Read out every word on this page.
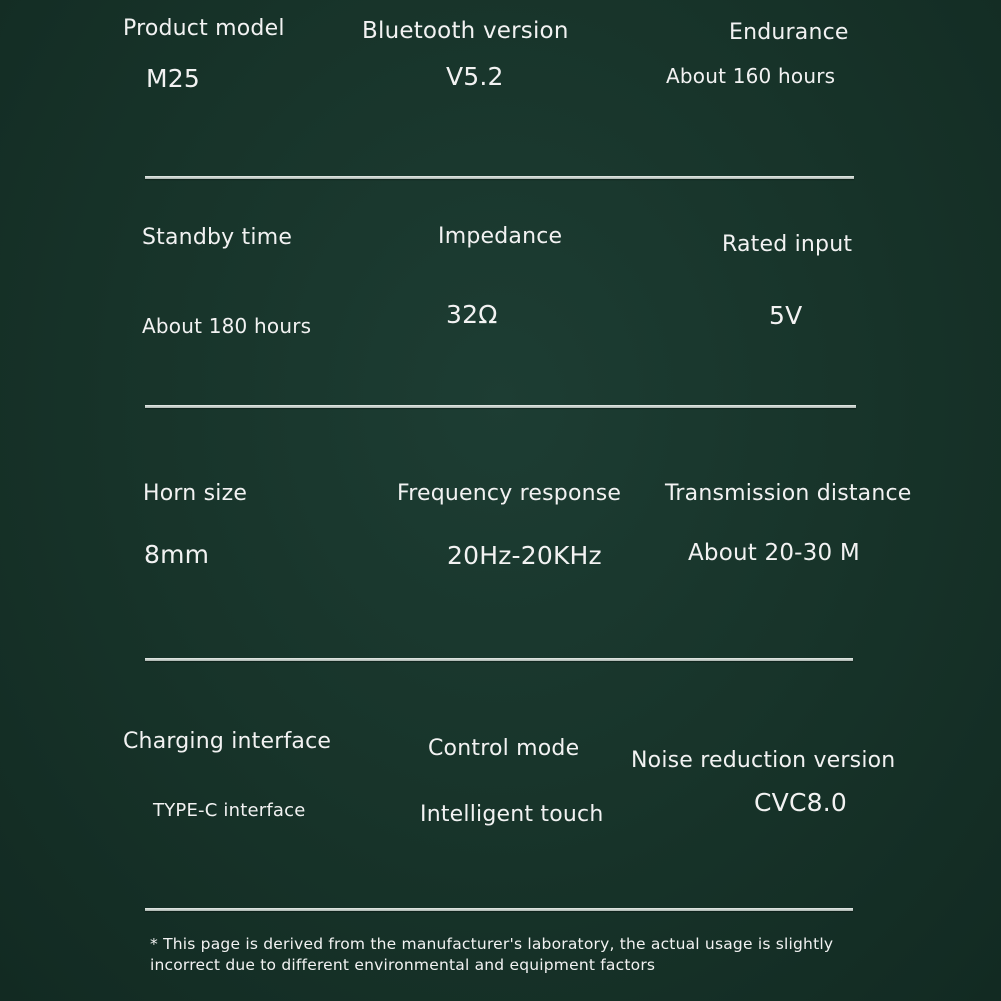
Product model
M25
Bluetooth version
V5.2
Endurance
About 160 hours
Standby time
About 180 hours
Impedance
32Ω
Rated input
5V
Horn size
8mm
Frequency response
20Hz-20KHz
Transmission distance
About 20-30 M
Charging interface
TYPE-C interface
Control mode
Intelligent touch
Noise reduction version
CVC8.0
* This page is derived from the manufacturer's laboratory, the actual usage is slightly incorrect due to different environmental and equipment factors
